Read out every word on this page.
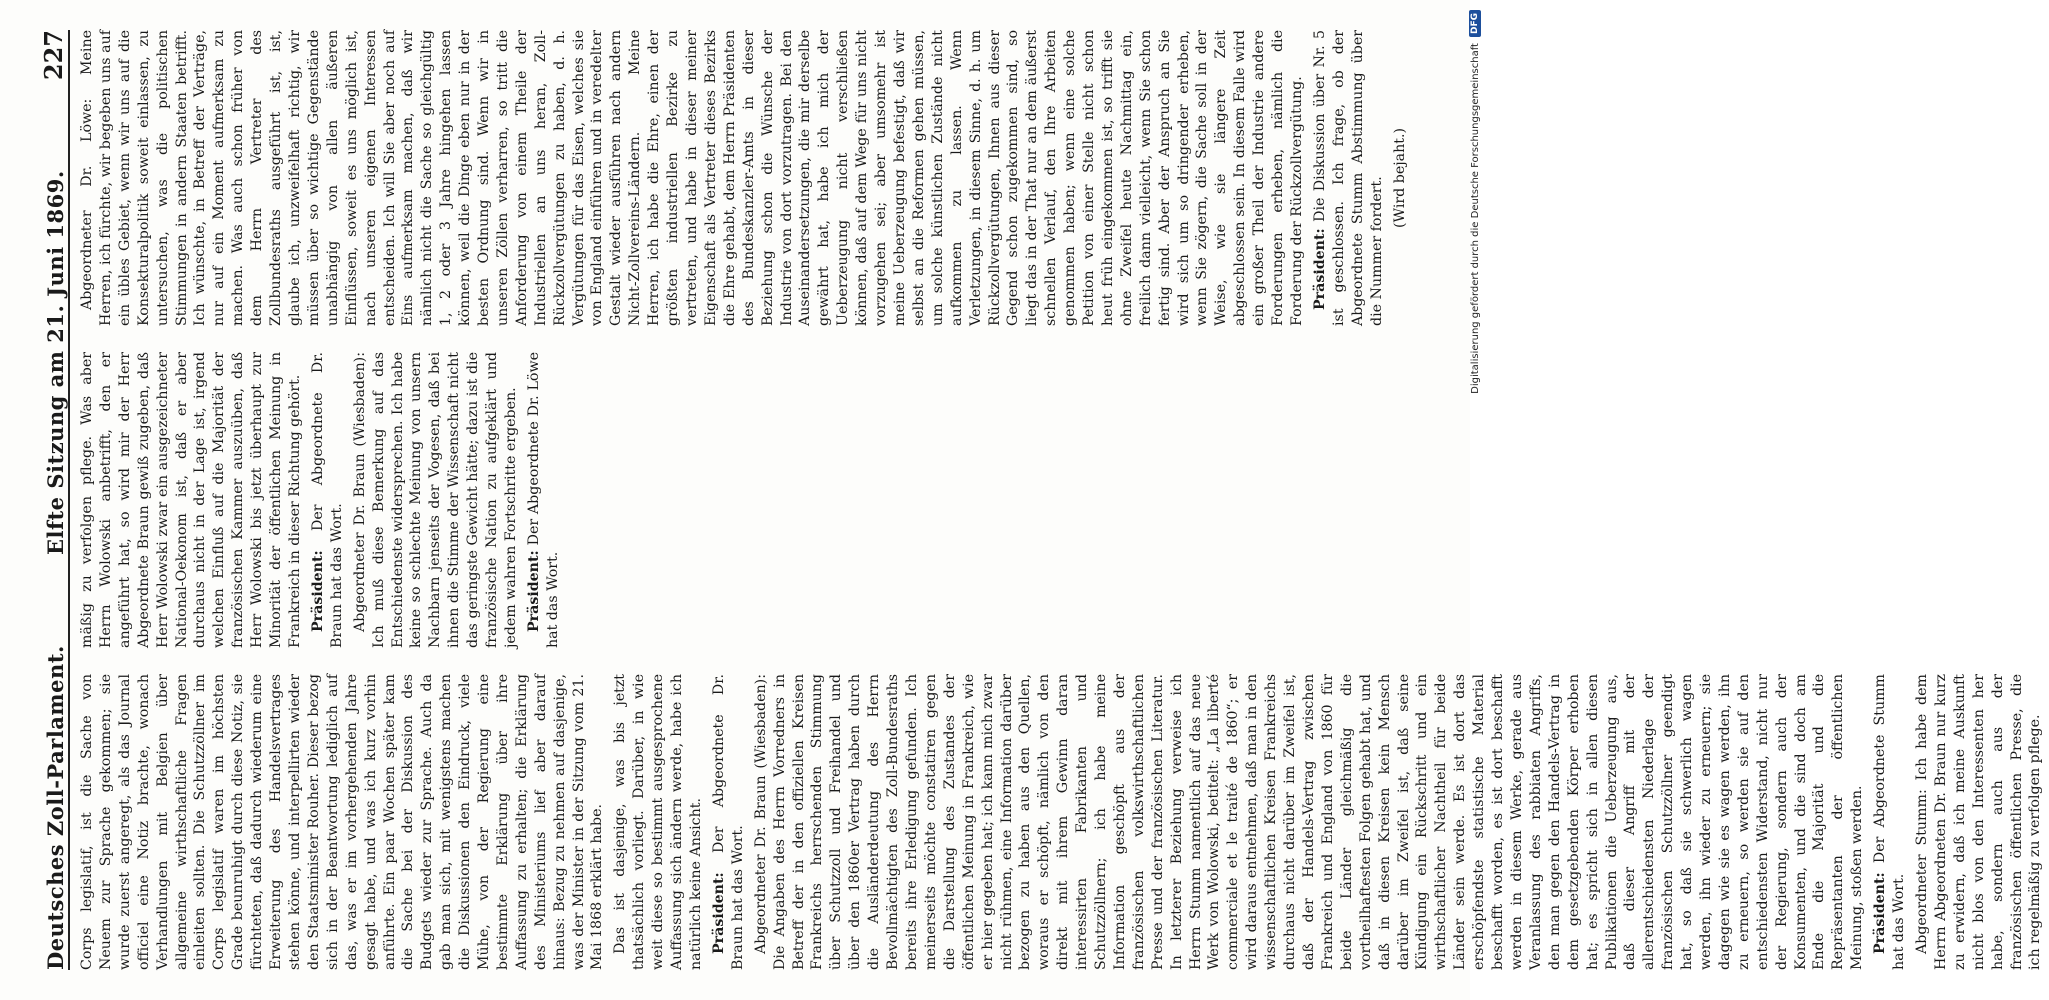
Deutsches Zoll-Parlament.
Elfte Sitzung am 21. Juni 1869.
227

Corps legislatif, ist die Sache von Neuem zur Sprache gekommen; sie wurde zuerst angeregt, als das Journal officiel eine Notiz brachte, wonach Verhandlungen mit Belgien über allgemeine wirthschaftliche Fragen einleiten sollten. Die Schutzzöllner im Corps legislatif waren im höchsten Grade beunruhigt durch diese Notiz, sie fürchteten, daß dadurch wiederum eine Erweiterung des Handelsvertrages stehen könne, und interpellirten wieder den Staatsminister Rouher. Dieser bezog sich in der Beantwortung lediglich auf das, was er im vorhergehenden Jahre gesagt habe, und was ich kurz vorhin anführte. Ein paar Wochen später kam die Sache bei der Diskussion des Budgets wieder zur Sprache. Auch da gab man sich, mit wenigstens machen die Diskussionen den Eindruck, viele Mühe, von der Regierung eine bestimmte Erklärung über ihre Auffassung zu erhalten; die Erklärung des Ministeriums lief aber darauf hinaus: Bezug zu nehmen auf dasjenige, was der Minister in der Sitzung vom 21. Mai 1868 erklärt habe. Das ist dasjenige, was bis jetzt thatsächlich vorliegt. Darüber, in wie weit diese so bestimmt ausgesprochene Auffassung sich ändern werde, habe ich natürlich keine Ansicht. Präsident: Der Abgeordnete Dr. Braun hat das Wort. Abgeordneter Dr. Braun (Wiesbaden): Die Angaben des Herrn Vorredners in Betreff der in den offiziellen Kreisen Frankreichs herrschenden Stimmung über Schutzzoll und Freihandel und über den 1860er Vertrag haben durch die Ausländerdeutung des Herrn Bevollmächtigten des Zoll-Bundesraths bereits ihre Erledigung gefunden. Ich meinerseits möchte constatiren gegen die Darstellung des Zustandes der öffentlichen Meinung in Frankreich, wie er hier gegeben hat; ich kann mich zwar nicht rühmen, eine Information darüber bezogen zu haben aus den Quellen, woraus er schöpft, nämlich von den direkt mit ihrem Gewinn daran interessirten Fabrikanten und Schutzzöllnern; ich habe meine Information geschöpft aus der französischen volkswirthschaftlichen Presse und der französischen Literatur. In letzterer Beziehung verweise ich Herrn Stumm namentlich auf das neue Werk von Wolowski, betitelt: „La liberté commerciale et le traité de 1860“; er wird daraus entnehmen, daß man in den wissenschaftlichen Kreisen Frankreichs durchaus nicht darüber im Zweifel ist, daß der Handels-Vertrag zwischen Frankreich und England von 1860 für beide Länder gleichmäßig die vortheilhaftesten Folgen gehabt hat, und daß in diesen Kreisen kein Mensch darüber im Zweifel ist, daß seine Kündigung ein Rückschritt und ein wirthschaftlicher Nachtheil für beide Länder sein werde. Es ist dort das erschöpfendste statistische Material beschafft worden, es ist dort beschafft werden in diesem Werke, gerade aus Veranlassung des rabbiaten Angriffs, den man gegen den Handels-Vertrag in dem gesetzgebenden Körper erhoben hat; es spricht sich in allen diesen Publikationen die Ueberzeugung aus, daß dieser Angriff mit der allerentschiedensten Niederlage der französischen Schutzzöllner geendigt hat, so daß sie schwerlich wagen werden, ihn wieder zu erneuern; sie dagegen wie sie es wagen werden, ihn zu erneuern, so werden sie auf den entschiedensten Widerstand, nicht nur der Regierung, sondern auch der Konsumenten, und die sind doch am Ende die Majorität und die Repräsentanten der öffentlichen Meinung, stoßen werden. Präsident: Der Abgeordnete Stumm hat das Wort. Abgeordneter Stumm: Ich habe dem Herrn Abgeordneten Dr. Braun nur kurz zu erwidern, daß ich meine Auskunft nicht blos von den Interessenten her habe, sondern auch aus der französischen öffentlichen Presse, die ich regelmäßig zu verfolgen pflege.

mäßig zu verfolgen pflege. Was aber Herrn Wolowski anbetrifft, den er angeführt hat, so wird mir der Herr Abgeordnete Braun gewiß zugeben, daß Herr Wolowski zwar ein ausgezeichneter National-Oekonom ist, daß er aber durchaus nicht in der Lage ist, irgend welchen Einfluß auf die Majorität der französischen Kammer auszuüben, daß Herr Wolowski bis jetzt überhaupt zur Minorität der öffentlichen Meinung in Frankreich in dieser Richtung gehört. Präsident: Der Abgeordnete Dr. Braun hat das Wort. Abgeordneter Dr. Braun (Wiesbaden): Ich muß diese Bemerkung auf das Entschiedenste widersprechen. Ich habe keine so schlechte Meinung von unsern Nachbarn jenseits der Vogesen, daß bei ihnen die Stimme der Wissenschaft nicht das geringste Gewicht hätte; dazu ist die französische Nation zu aufgeklärt und jedem wahren Fortschritte ergeben. Präsident: Der Abgeordnete Dr. Löwe hat das Wort.

Abgeordneter Dr. Löwe: Meine Herren, ich fürchte, wir begeben uns auf ein übles Gebiet, wenn wir uns auf die Konsekturalpolitik soweit einlassen, zu untersuchen, was die politischen Stimmungen in andern Staaten betrifft. Ich wünschte, in Betreff der Verträge, nur auf ein Moment aufmerksam zu machen. Was auch schon früher von dem Herrn Vertreter des Zollbundesraths ausgeführt ist, ist, glaube ich, unzweifelhaft richtig, wir müssen über so wichtige Gegenstände unabhängig von allen äußeren Einflüssen, soweit es uns möglich ist, nach unseren eigenen Interessen entscheiden. Ich will Sie aber noch auf Eins aufmerksam machen, daß wir nämlich nicht die Sache so gleichgültig 1, 2 oder 3 Jahre hingehen lassen können, weil die Dinge eben nur in der besten Ordnung sind. Wenn wir in unseren Zöllen verharren, so tritt die Anforderung von einem Theile der Industriellen an uns heran, Zoll-Rückzollvergütungen zu haben, d. h. Vergütungen für das Eisen, welches sie von England einführen und in veredelter Gestalt wieder ausführen nach andern Nicht-Zollvereins-Ländern. Meine Herren, ich habe die Ehre, einen der größten industriellen Bezirke zu vertreten, und habe in dieser meiner Eigenschaft als Vertreter dieses Bezirks die Ehre gehabt, dem Herrn Präsidenten des Bundeskanzler-Amts in dieser Beziehung schon die Wünsche der Industrie von dort vorzutragen. Bei den Auseinandersetzungen, die mir derselbe gewährt hat, habe ich mich der Ueberzeugung nicht verschließen können, daß auf dem Wege für uns nicht vorzugehen sei; aber umsomehr ist meine Ueberzeugung befestigt, daß wir selbst an die Reformen gehen müssen, um solche künstlichen Zustände nicht aufkommen zu lassen. Wenn Verletzungen, in diesem Sinne, d. h. um Rückzollvergütungen, Ihnen aus dieser Gegend schon zugekommen sind, so liegt das in der That nur an dem äußerst schnellen Verlauf, den Ihre Arbeiten genommen haben; wenn eine solche Petition von einer Stelle nicht schon heut früh eingekommen ist, so trifft sie ohne Zweifel heute Nachmittag ein, freilich dann vielleicht, wenn Sie schon fertig sind. Aber der Anspruch an Sie wird sich um so dringender erheben, wenn Sie zögern, die Sache soll in der Weise, wie sie längere Zeit abgeschlossen sein. In diesem Falle wird ein großer Theil der Industrie andere Forderungen erheben, nämlich die Forderung der Rückzollvergütung. Präsident: Die Diskussion über Nr. 5 ist geschlossen. Ich frage, ob der Abgeordnete Stumm Abstimmung über die Nummer fordert. (Wird bejaht.)	Digitalisierung gefördert durch die Deutsche Forschungsgemeinschaft
DFG
